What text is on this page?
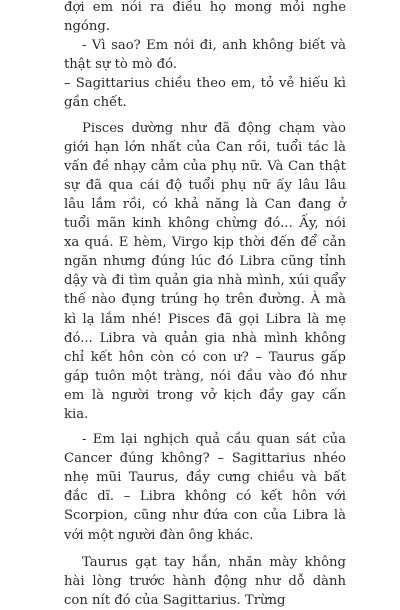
đợi em nói ra điều họ mong mỏi nghe ngóng.

- Vì sao? Em nói đi, anh không biết và thật sự tò mò đó.

– Sagittarius chiều theo em, tỏ vẻ hiếu kì gần chết.

Pisces dường như đã động chạm vào giới hạn lớn nhất của Can rồi, tuổi tác là vấn đề nhạy cảm của phụ nữ. Và Can thật sự đã qua cái độ tuổi phụ nữ ấy lâu lâu lâu lắm rồi, có khả năng là Can đang ở tuổi mãn kinh không chừng đó... Ấy, nói xa quá. E hèm, Virgo kịp thời đến để cản ngăn nhưng đúng lúc đó Libra cũng tỉnh dậy và đi tìm quản gia nhà mình, xúi quẩy thế nào đụng trúng họ trên đường. À mà kì lạ lắm nhé! Pisces đã gọi Libra là mẹ đó... Libra và quản gia nhà mình không chỉ kết hôn còn có con ư? – Taurus gấp gáp tuôn một tràng, nói đầu vào đó như em là người trong vở kịch đầy gay cấn kia.

- Em lại nghịch quả cầu quan sát của Cancer đúng không? – Sagittarius nhéo nhẹ mũi Taurus, đầy cưng chiều và bất đắc dĩ. – Libra không có kết hôn với Scorpion, cũng như đứa con của Libra là với một người đàn ông khác.

Taurus gạt tay hắn, nhăn mày không hài lòng trước hành động như dỗ dành con nít đó của Sagittarius. Trừng
